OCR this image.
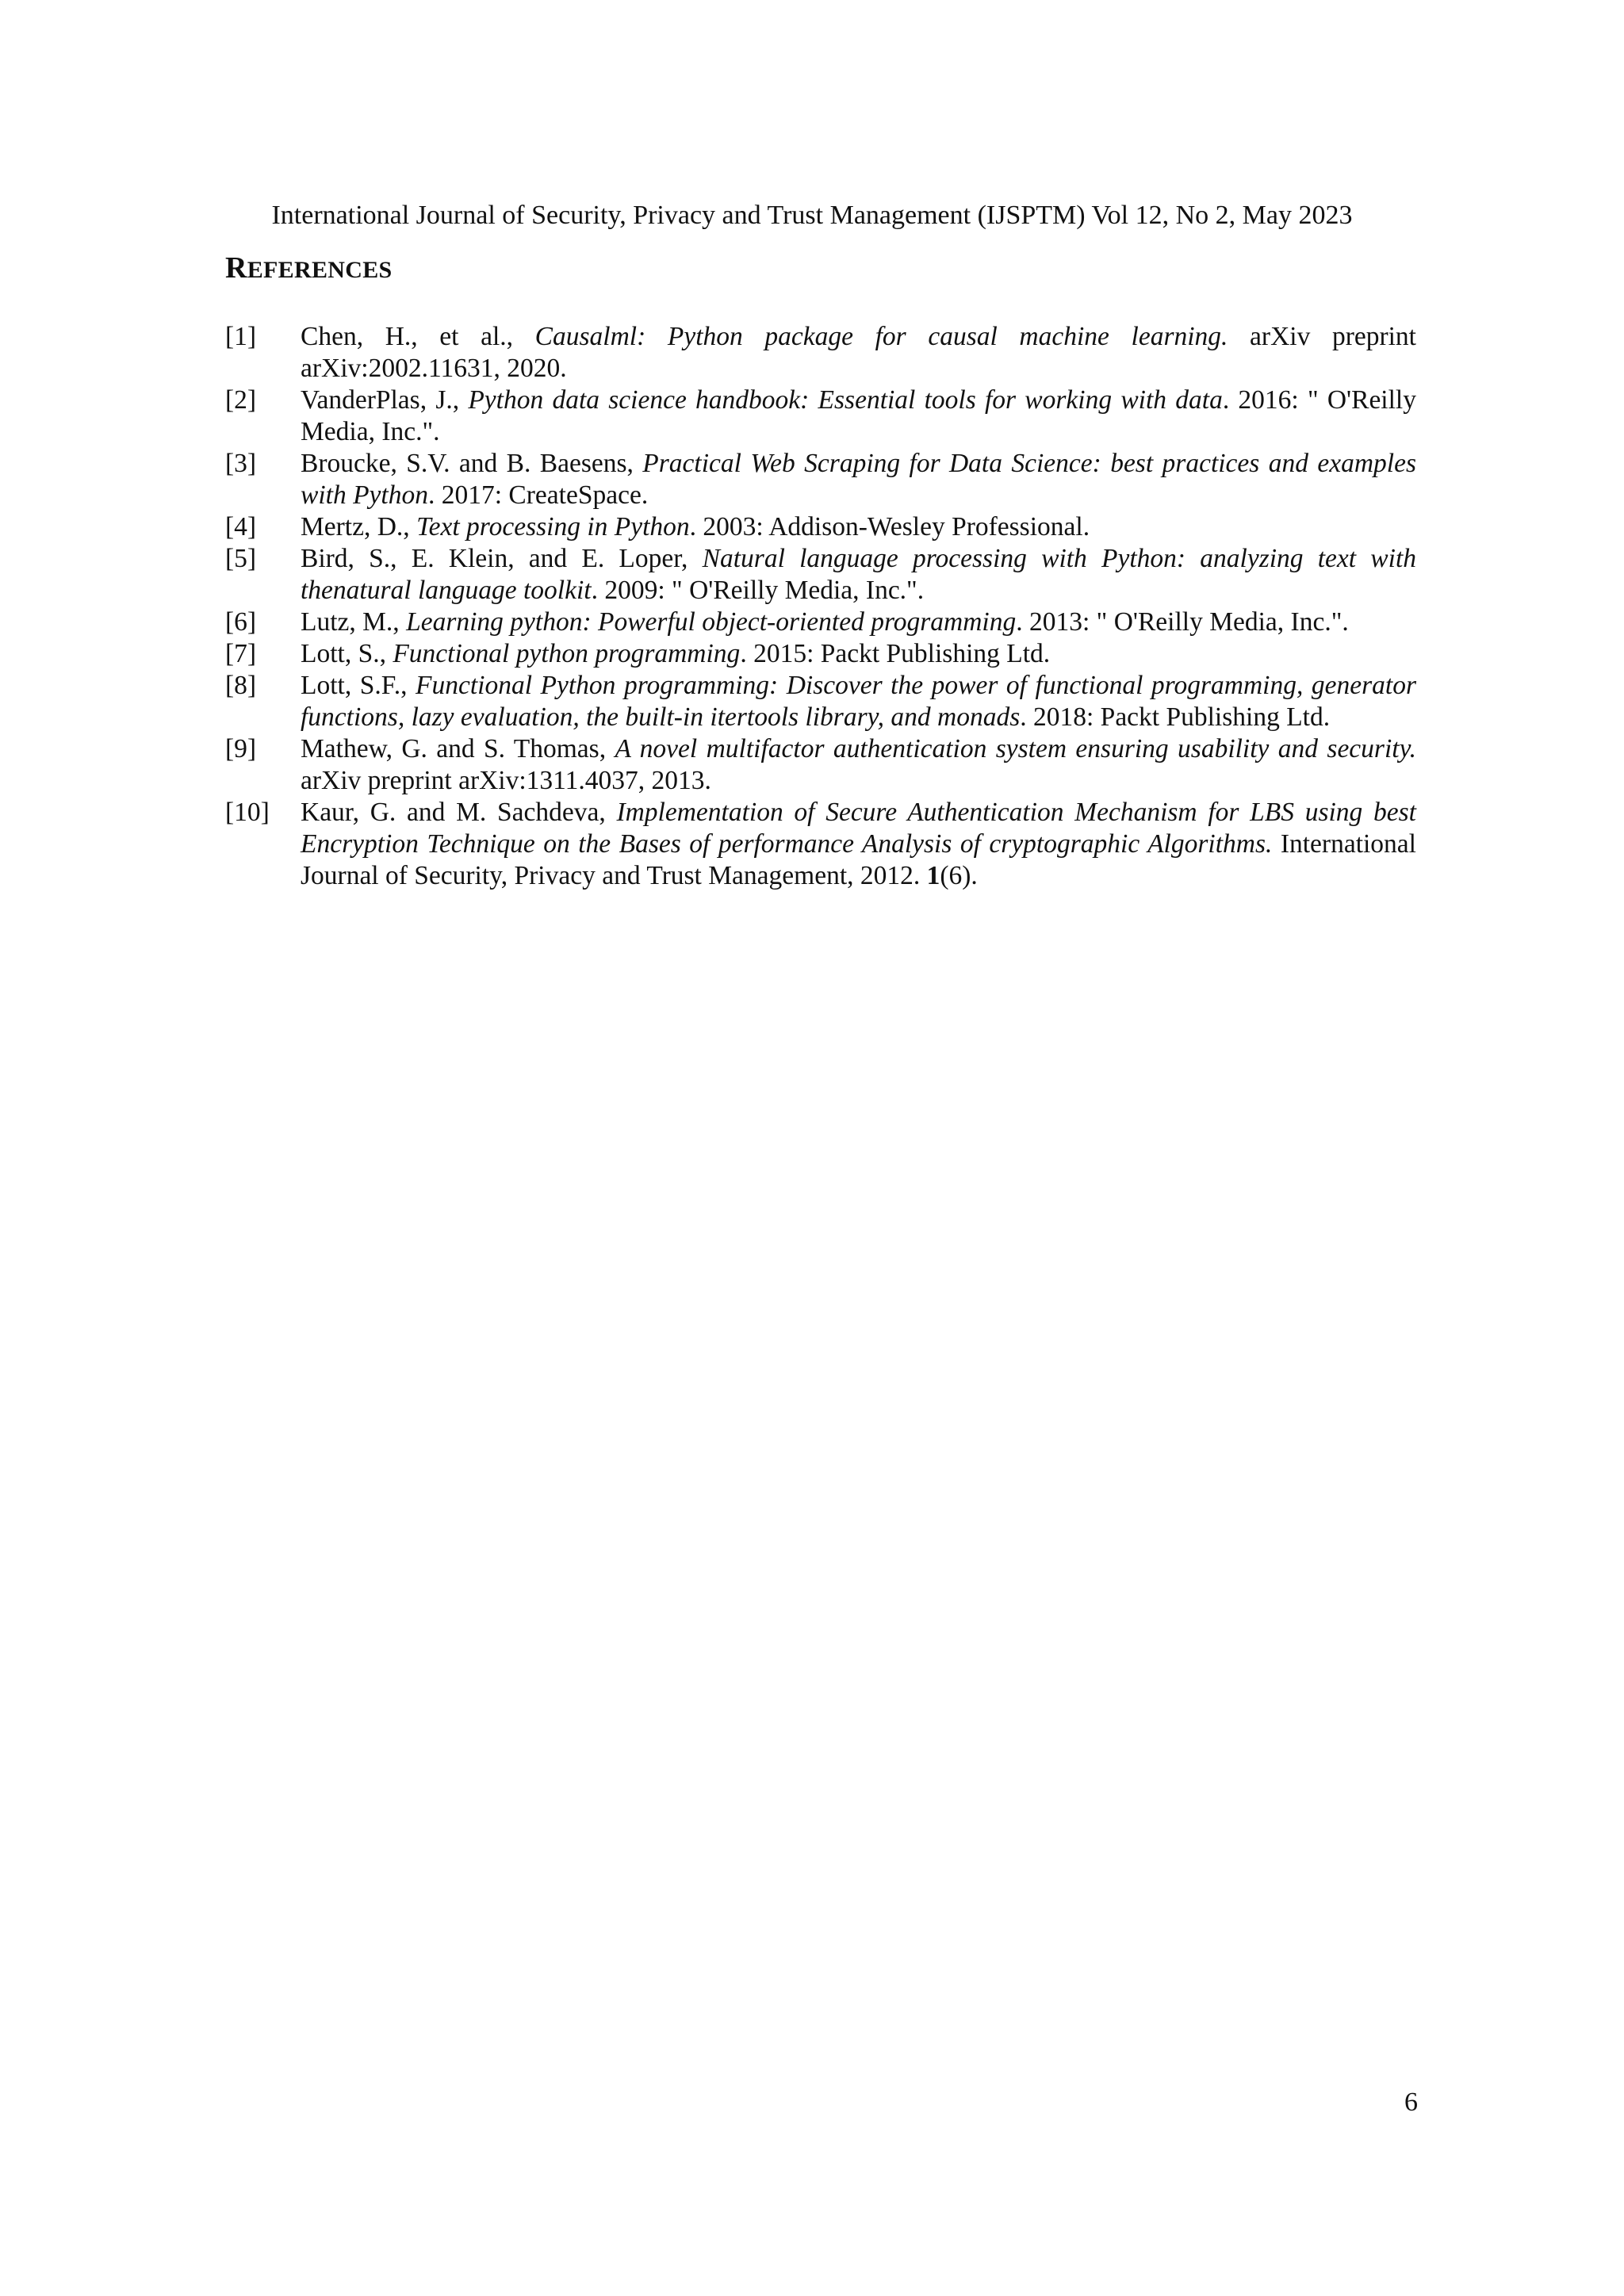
International Journal of Security, Privacy and Trust Management (IJSPTM) Vol 12, No 2, May 2023
REFERENCES

[1] Chen, H., et al., Causalml: Python package for causal machine learning. arXiv preprint arXiv:2002.11631, 2020.

[2] VanderPlas, J., Python data science handbook: Essential tools for working with data. 2016: " O'Reilly Media, Inc.".

[3] Broucke, S.V. and B. Baesens, Practical Web Scraping for Data Science: best practices and examples with Python. 2017: CreateSpace.

[4] Mertz, D., Text processing in Python. 2003: Addison-Wesley Professional.

[5] Bird, S., E. Klein, and E. Loper, Natural language processing with Python: analyzing text with thenatural language toolkit. 2009: " O'Reilly Media, Inc.".

[6] Lutz, M., Learning python: Powerful object-oriented programming. 2013: " O'Reilly Media, Inc.".

[7] Lott, S., Functional python programming. 2015: Packt Publishing Ltd.

[8] Lott, S.F., Functional Python programming: Discover the power of functional programming, generator functions, lazy evaluation, the built-in itertools library, and monads. 2018: Packt Publishing Ltd.

[9] Mathew, G. and S. Thomas, A novel multifactor authentication system ensuring usability and security. arXiv preprint arXiv:1311.4037, 2013.

[10] Kaur, G. and M. Sachdeva, Implementation of Secure Authentication Mechanism for LBS using best Encryption Technique on the Bases of performance Analysis of cryptographic Algorithms. International Journal of Security, Privacy and Trust Management, 2012. 1(6).

6
